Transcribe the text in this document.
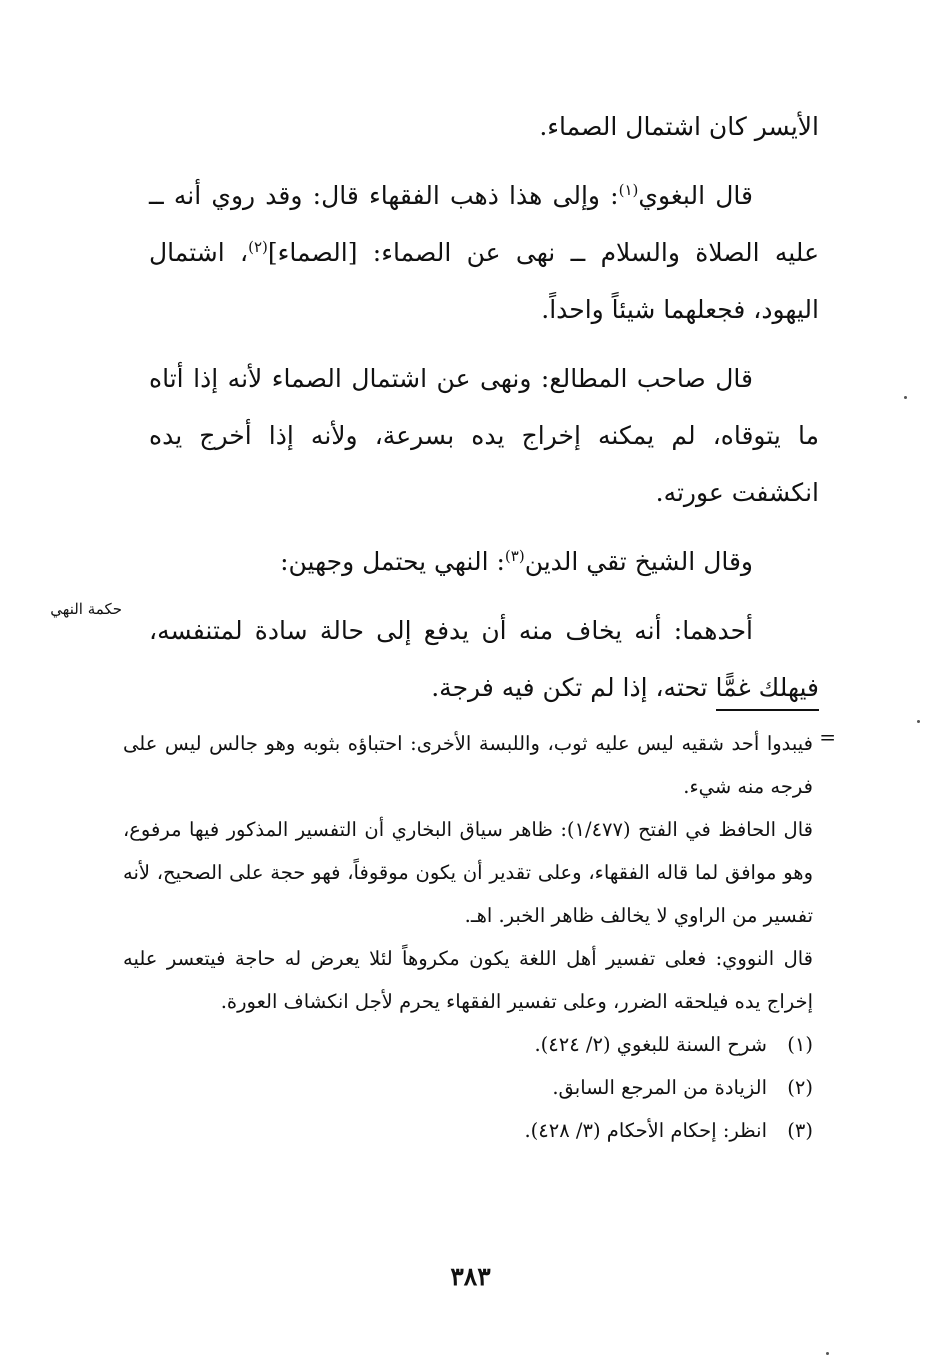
الأيسر كان اشتمال الصماء.

قال البغوي$^{(١)}$: وإلى هذا ذهب الفقهاء قال: وقد روي أنه ــ عليه الصلاة والسلام ــ نهى عن الصماء: [الصماء]$^{(٢)}$، اشتمال اليهود، فجعلهما شيئاً واحداً.

قال صاحب المطالع: ونهى عن اشتمال الصماء لأنه إذا أتاه ما يتوقاه، لم يمكنه إخراج يده بسرعة، ولأنه إذا أخرج يده انكشفت عورته.

وقال الشيخ تقي الدين$^{(٣)}$: النهي يحتمل وجهين:

أحدهما: أنه يخاف منه أن يدفع إلى حالة سادة لمتنفسه، فيهلك غمًّا تحته، إذا لم تكن فيه فرجة.

حكمة النهي
=

فيبدوا أحد شقيه ليس عليه ثوب، واللبسة الأخرى: احتباؤه بثوبه وهو جالس ليس على فرجه منه شيء.

قال الحافظ في الفتح (١/٤٧٧): ظاهر سياق البخاري أن التفسير المذكور فيها مرفوع، وهو موافق لما قاله الفقهاء، وعلى تقدير أن يكون موقوفاً، فهو حجة على الصحيح، لأنه تفسير من الراوي لا يخالف ظاهر الخبر. اهـ.

قال النووي: فعلى تفسير أهل اللغة يكون مكروهاً لئلا يعرض له حاجة فيتعسر عليه إخراج يده فيلحقه الضرر، وعلى تفسير الفقهاء يحرم لأجل انكشاف العورة.

(١)
شرح السنة للبغوي (٢/ ٤٢٤).
(٢)
الزيادة من المرجع السابق.
(٣)
انظر: إحكام الأحكام (٣/ ٤٢٨).
٣٨٣
